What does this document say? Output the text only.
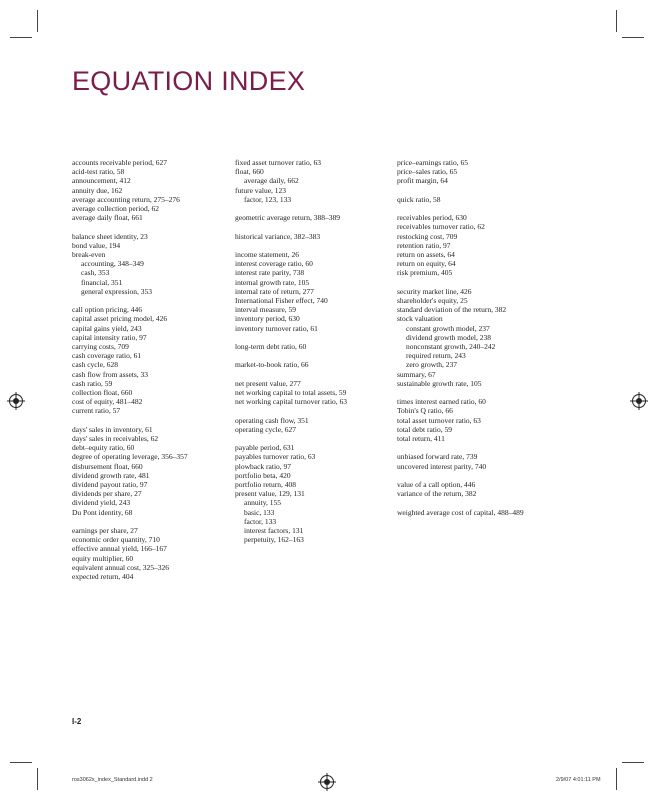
EQUATION INDEX
accounts receivable period, 627
acid-test ratio, 58
announcement, 412
annuity due, 162
average accounting return, 275–276
average collection period, 62
average daily float, 661
balance sheet identity, 23
bond value, 194
break-even
accounting, 348–349
cash, 353
financial, 351
general expression, 353
call option pricing, 446
capital asset pricing model, 426
capital gains yield, 243
capital intensity ratio, 97
carrying costs, 709
cash coverage ratio, 61
cash cycle, 628
cash flow from assets, 33
cash ratio, 59
collection float, 660
cost of equity, 481–482
current ratio, 57
days' sales in inventory, 61
days' sales in receivables, 62
debt–equity ratio, 60
degree of operating leverage, 356–357
disbursement float, 660
dividend growth rate, 481
dividend payout ratio, 97
dividends per share, 27
dividend yield, 243
Du Pont identity, 68
earnings per share, 27
economic order quantity, 710
effective annual yield, 166–167
equity multiplier, 60
equivalent annual cost, 325–326
expected return, 404
fixed asset turnover ratio, 63
float, 660
average daily, 662
future value, 123
factor, 123, 133
geometric average return, 388–389
historical variance, 382–383
income statement, 26
interest coverage ratio, 60
interest rate parity, 738
internal growth rate, 105
internal rate of return, 277
International Fisher effect, 740
interval measure, 59
inventory period, 630
inventory turnover ratio, 61
long-term debt ratio, 60
market-to-book ratio, 66
net present value, 277
net working capital to total assets, 59
net working capital turnover ratio, 63
operating cash flow, 351
operating cycle, 627
payable period, 631
payables turnover ratio, 63
plowback ratio, 97
portfolio beta, 420
portfolio return, 408
present value, 129, 131
annuity, 155
basic, 133
factor, 133
interest factors, 131
perpetuity, 162–163
price–earnings ratio, 65
price–sales ratio, 65
profit margin, 64
quick ratio, 58
receivables period, 630
receivables turnover ratio, 62
restocking cost, 709
retention ratio, 97
return on assets, 64
return on equity, 64
risk premium, 405
security market line, 426
shareholder's equity, 25
standard deviation of the return, 382
stock valuation
constant growth model, 237
dividend growth model, 238
nonconstant growth, 240–242
required return, 243
zero growth, 237
summary, 67
sustainable growth rate, 105
times interest earned ratio, 60
Tobin's Q ratio, 66
total asset turnover ratio, 63
total debt ratio, 59
total return, 411
unbiased forward rate, 739
uncovered interest parity, 740
value of a call option, 446
variance of the return, 382
weighted average cost of capital, 488–489
I-2
ros3062x_index_Standard.indd 2	2/9/07 4:01:11 PM
